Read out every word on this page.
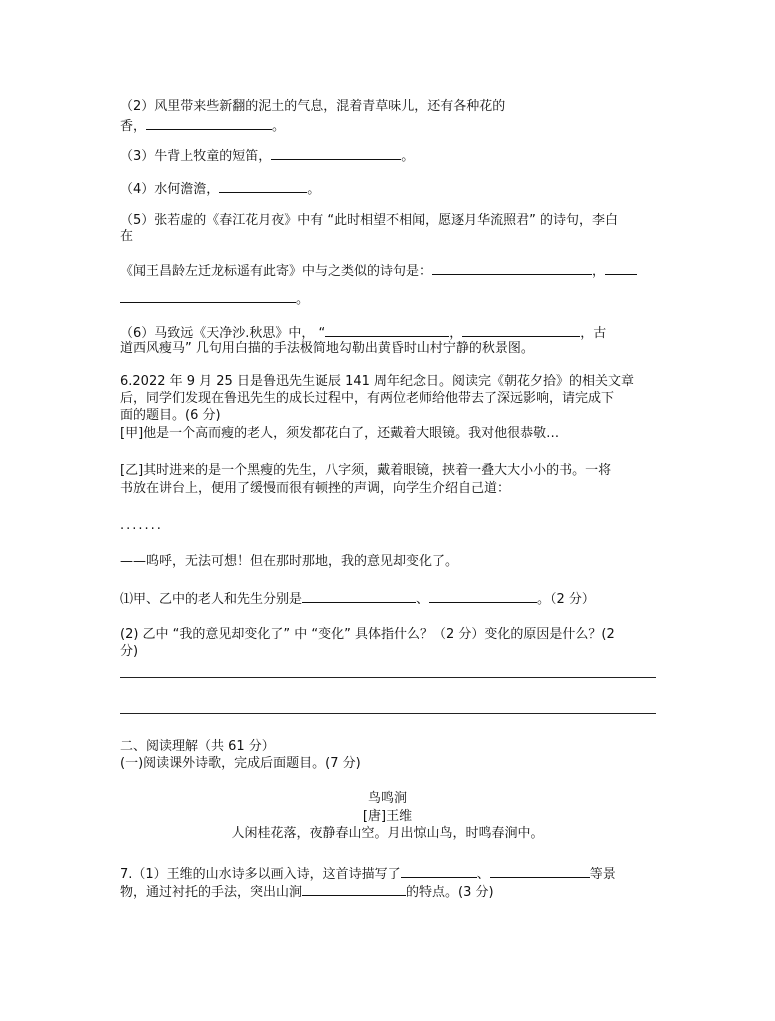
（2）风里带来些新翻的泥土的气息，混着青草味儿，还有各种花的
香，	。
（3）牛背上牧童的短笛，	。
（4）水何澹澹，	。
（5）张若虚的《春江花月夜》中有 “此时相望不相闻，愿逐月华流照君” 的诗句，李白
在
《闻王昌龄左迁龙标遥有此寄》中与之类似的诗句是：	，
。
（6）马致远《天净沙.秋思》中， “	，	，古
道西风瘦马” 几句用白描的手法极简地勾勒出黄昏时山村宁静的秋景图。
6.2022 年 9 月 25 日是鲁迅先生诞辰 141 周年纪念日。阅读完《朝花夕拾》的相关文章
后，同学们发现在鲁迅先生的成长过程中，有两位老师给他带去了深远影响，请完成下
面的题目。(6 分)
[甲]他是一个高而瘦的老人，须发都花白了，还戴着大眼镜。我对他很恭敬…
[乙]其时进来的是一个黑瘦的先生，八字须，戴着眼镜，挟着一叠大大小小的书。一将
书放在讲台上，便用了缓慢而很有顿挫的声调，向学生介绍自己道：
.......
——呜呼，无法可想！但在那时那地，我的意见却变化了。
⑴甲、乙中的老人和先生分别是	、	。（2 分）
(2) 乙中 “我的意见却变化了” 中 “变化” 具体指什么？（2 分）变化的原因是什么？(2
分)
二、阅读理解（共 61 分）
(一)阅读课外诗歌，完成后面题目。(7 分)
鸟鸣涧
[唐]王维
人闲桂花落，夜静春山空。月出惊山鸟，时鸣春涧中。
7.（1）王维的山水诗多以画入诗，这首诗描写了	、	等景
物，通过衬托的手法，突出山涧	的特点。(3 分)
